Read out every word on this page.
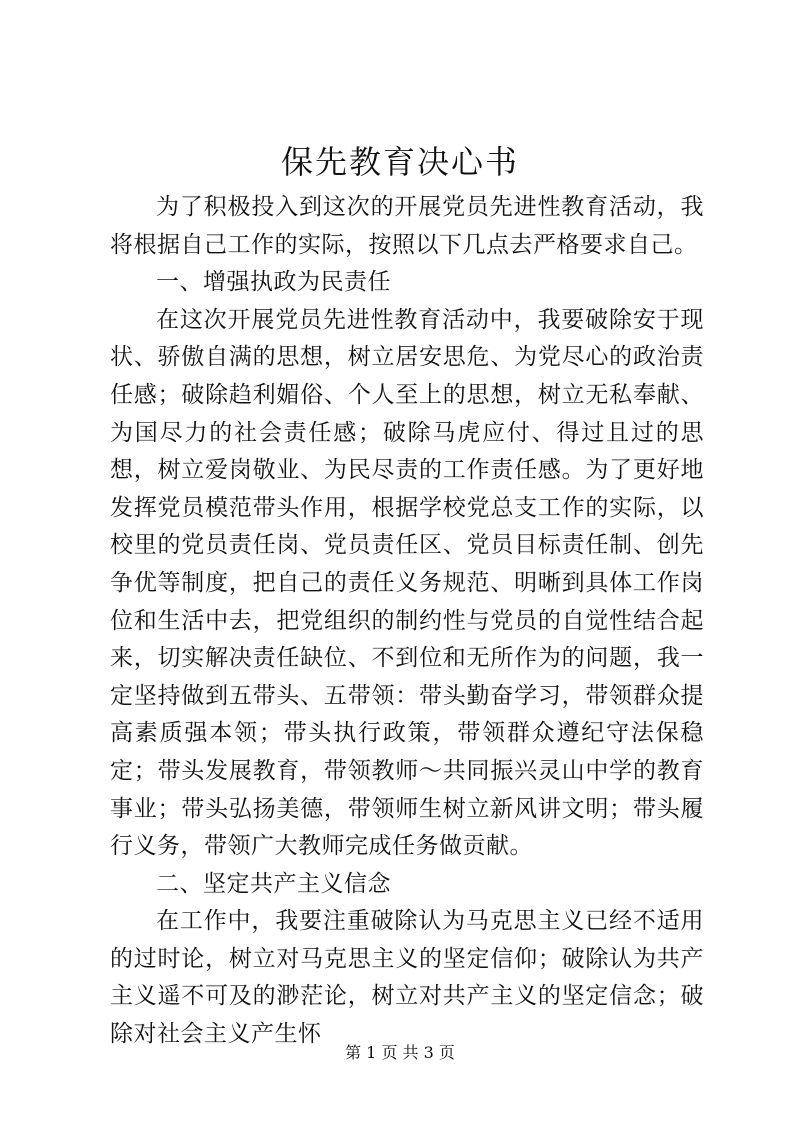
保先教育决心书

为了积极投入到这次的开展党员先进性教育活动，我将根据自己工作的实际，按照以下几点去严格要求自己。

一、增强执政为民责任

在这次开展党员先进性教育活动中，我要破除安于现状、骄傲自满的思想，树立居安思危、为党尽心的政治责任感；破除趋利媚俗、个人至上的思想，树立无私奉献、为国尽力的社会责任感；破除马虎应付、得过且过的思想，树立爱岗敬业、为民尽责的工作责任感。为了更好地发挥党员模范带头作用，根据学校党总支工作的实际，以校里的党员责任岗、党员责任区、党员目标责任制、创先争优等制度，把自己的责任义务规范、明晰到具体工作岗位和生活中去，把党组织的制约性与党员的自觉性结合起来，切实解决责任缺位、不到位和无所作为的问题，我一定坚持做到五带头、五带领：带头勤奋学习，带领群众提高素质强本领；带头执行政策，带领群众遵纪守法保稳定；带头发展教育，带领教师～共同振兴灵山中学的教育事业；带头弘扬美德，带领师生树立新风讲文明；带头履行义务，带领广大教师完成任务做贡献。

二、坚定共产主义信念

在工作中，我要注重破除认为马克思主义已经不适用的过时论，树立对马克思主义的坚定信仰；破除认为共产主义遥不可及的渺茫论，树立对共产主义的坚定信念；破除对社会主义产生怀

第 1 页 共 3 页
